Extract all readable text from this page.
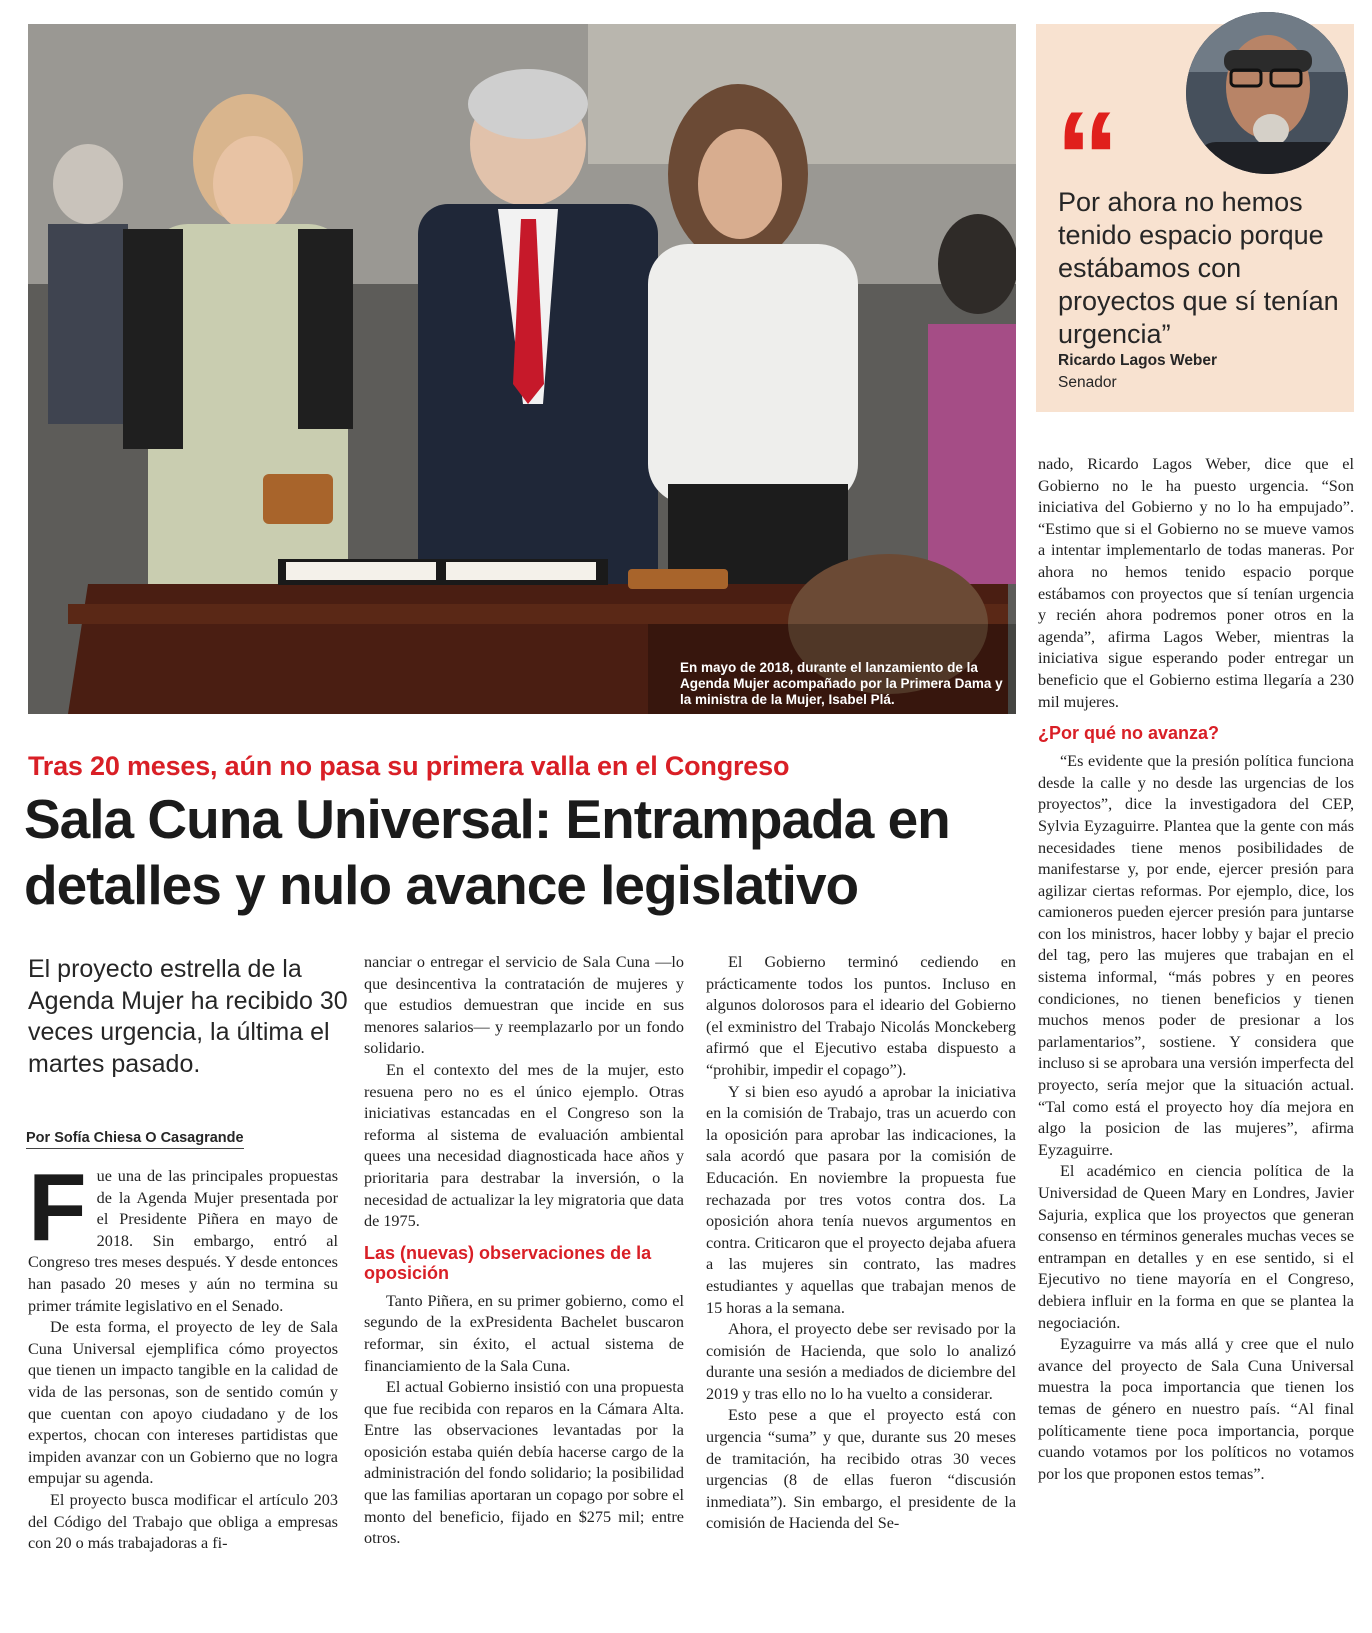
En mayo de 2018, durante el lanzamiento de la Agenda Mujer acompañado por la Primera Dama y la ministra de la Mujer, Isabel Plá.
“

Por ahora no hemos tenido espacio porque estábamos con proyectos que sí tenían urgencia”

Ricardo Lagos Weber
Senador
Tras 20 meses, aún no pasa su primera valla en el Congreso
Sala Cuna Universal: Entrampada en detalles y nulo avance legislativo

El proyecto estrella de la Agenda Mujer ha recibido 30 veces urgencia, la última el martes pasado.

Por Sofía Chiesa O Casagrande
F ue una de las principales propuestas de la Agenda Mujer presentada por el Presidente Piñera en mayo de 2018. Sin embargo, entró al Congreso tres meses después. Y desde entonces han pasado 20 meses y aún no termina su primer trámite legislativo en el Senado.

De esta forma, el proyecto de ley de Sala Cuna Universal ejemplifica cómo proyectos que tienen un impacto tangible en la calidad de vida de las personas, son de sentido común y que cuentan con apoyo ciudadano y de los expertos, chocan con intereses partidistas que impiden avanzar con un Gobierno que no logra empujar su agenda.

El proyecto busca modificar el artículo 203 del Código del Trabajo que obliga a empresas con 20 o más trabajadoras a fi-

nanciar o entregar el servicio de Sala Cuna —lo que desincentiva la contratación de mujeres y que estudios demuestran que incide en sus menores salarios— y reemplazarlo por un fondo solidario.

En el contexto del mes de la mujer, esto resuena pero no es el único ejemplo. Otras iniciativas estancadas en el Congreso son la reforma al sistema de evaluación ambiental quees una necesidad diagnosticada hace años y prioritaria para destrabar la inversión, o la necesidad de actualizar la ley migratoria que data de 1975.

Las (nuevas) observaciones de la oposición

Tanto Piñera, en su primer gobierno, como el segundo de la exPresidenta Bachelet buscaron reformar, sin éxito, el actual sistema de financiamiento de la Sala Cuna.

El actual Gobierno insistió con una propuesta que fue recibida con reparos en la Cámara Alta. Entre las observaciones levantadas por la oposición estaba quién debía hacerse cargo de la administración del fondo solidario; la posibilidad que las familias aportaran un copago por sobre el monto del beneficio, fijado en $275 mil; entre otros.

El Gobierno terminó cediendo en prácticamente todos los puntos. Incluso en algunos dolorosos para el ideario del Gobierno (el exministro del Trabajo Nicolás Monckeberg afirmó que el Ejecutivo estaba dispuesto a “prohibir, impedir el copago”).

Y si bien eso ayudó a aprobar la iniciativa en la comisión de Trabajo, tras un acuerdo con la oposición para aprobar las indicaciones, la sala acordó que pasara por la comisión de Educación. En noviembre la propuesta fue rechazada por tres votos contra dos. La oposición ahora tenía nuevos argumentos en contra. Criticaron que el proyecto dejaba afuera a las mujeres sin contrato, las madres estudiantes y aquellas que trabajan menos de 15 horas a la semana.

Ahora, el proyecto debe ser revisado por la comisión de Hacienda, que solo lo analizó durante una sesión a mediados de diciembre del 2019 y tras ello no lo ha vuelto a considerar.

Esto pese a que el proyecto está con urgencia “suma” y que, durante sus 20 meses de tramitación, ha recibido otras 30 veces urgencias (8 de ellas fueron “discusión inmediata”). Sin embargo, el presidente de la comisión de Hacienda del Se-

nado, Ricardo Lagos Weber, dice que el Gobierno no le ha puesto urgencia. “Son iniciativa del Gobierno y no lo ha empujado”. “Estimo que si el Gobierno no se mueve vamos a intentar implementarlo de todas maneras. Por ahora no hemos tenido espacio porque estábamos con proyectos que sí tenían urgencia y recién ahora podremos poner otros en la agenda”, afirma Lagos Weber, mientras la iniciativa sigue esperando poder entregar un beneficio que el Gobierno estima llegaría a 230 mil mujeres.

¿Por qué no avanza?

“Es evidente que la presión política funciona desde la calle y no desde las urgencias de los proyectos”, dice la investigadora del CEP, Sylvia Eyzaguirre. Plantea que la gente con más necesidades tiene menos posibilidades de manifestarse y, por ende, ejercer presión para agilizar ciertas reformas. Por ejemplo, dice, los camioneros pueden ejercer presión para juntarse con los ministros, hacer lobby y bajar el precio del tag, pero las mujeres que trabajan en el sistema informal, “más pobres y en peores condiciones, no tienen beneficios y tienen muchos menos poder de presionar a los parlamentarios”, sostiene. Y considera que incluso si se aprobara una versión imperfecta del proyecto, sería mejor que la situación actual. “Tal como está el proyecto hoy día mejora en algo la posicion de las mujeres”, afirma Eyzaguirre.

El académico en ciencia política de la Universidad de Queen Mary en Londres, Javier Sajuria, explica que los proyectos que generan consenso en términos generales muchas veces se entrampan en detalles y en ese sentido, si el Ejecutivo no tiene mayoría en el Congreso, debiera influir en la forma en que se plantea la negociación.

Eyzaguirre va más allá y cree que el nulo avance del proyecto de Sala Cuna Universal muestra la poca importancia que tienen los temas de género en nuestro país. “Al final políticamente tiene poca importancia, porque cuando votamos por los políticos no votamos por los que proponen estos temas”.
